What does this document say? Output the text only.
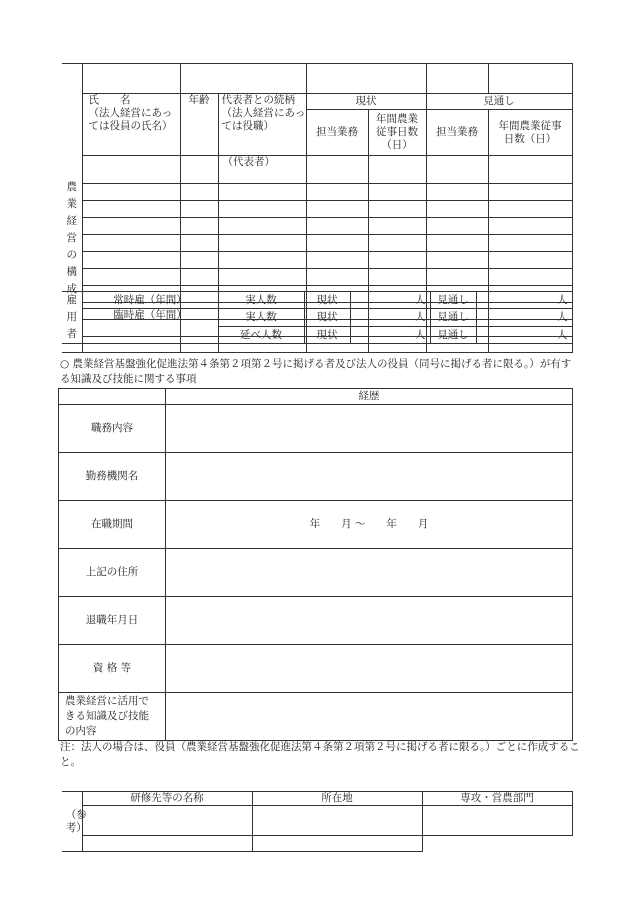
農業経営の構成							
	氏　　名
（法人経営にあっては役員の氏名）	年齢	代表者との続柄
（法人経営にあっては役職）	現状		見通し	
				担当業務	年間農業従事日数（日）	担当業務	年間農業従事日数（日）
			（代表者）				

雇用者	常時雇（年間）	実人数	現状	人	見通し	人
	臨時雇（年間）	実人数	現状	人	見通し	人
		延べ人数	現状	人	見通し	人
○ 農業経営基盤強化促進法第４条第２項第２号に掲げる者及び法人の役員（同号に掲げる者に限る。）が有する知識及び技能に関する事項
	経歴
職務内容	
勤務機関名	
在職期間	年　　月 ～　　年　　月
上記の住所	
退職年月日	
資 格 等	
農業経営に活用できる知識及び技能の内容	
注：法人の場合は、役員（農業経営基盤強化促進法第４条第２項第２号に掲げる者に限る。）ごとに作成すること。
（参考）	研修先等の名称	所在地	専攻・営農部門
